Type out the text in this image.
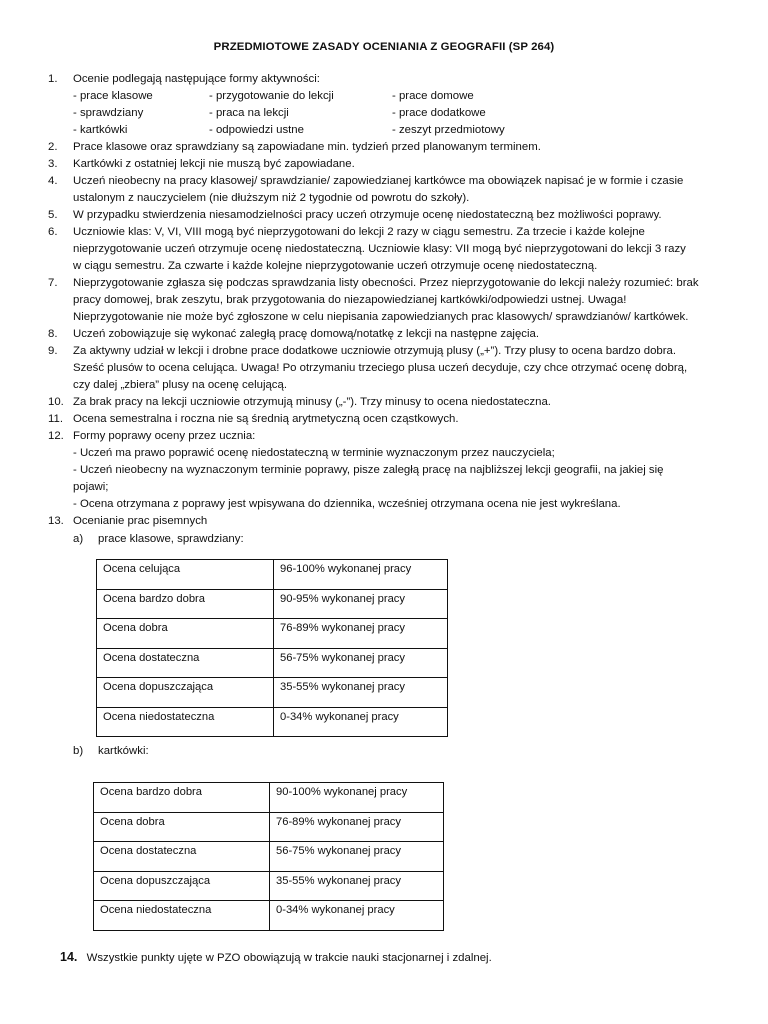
PRZEDMIOTOWE ZASADY OCENIANIA Z GEOGRAFII (SP 264)
1.	Ocenie podlegają następujące formy aktywności:
- prace klasowe	- przygotowanie do lekcji	- prace domowe
- sprawdziany	- praca na lekcji	- prace dodatkowe
- kartkówki	- odpowiedzi ustne	- zeszyt przedmiotowy
2.	Prace klasowe oraz sprawdziany są zapowiadane min. tydzień przed planowanym terminem.
3.	Kartkówki z ostatniej lekcji nie muszą być zapowiadane.
4.	Uczeń nieobecny na pracy klasowej/ sprawdzianie/ zapowiedzianej kartkówce ma obowiązek napisać je w formie i czasie
ustalonym z nauczycielem (nie dłuższym niż 2 tygodnie od powrotu do szkoły).
5.	W przypadku stwierdzenia niesamodzielności pracy uczeń otrzymuje ocenę niedostateczną bez możliwości poprawy.
6.	Uczniowie klas: V, VI, VIII mogą być nieprzygotowani do lekcji 2 razy w ciągu semestru. Za trzecie i każde kolejne
nieprzygotowanie uczeń otrzymuje ocenę niedostateczną. Uczniowie klasy: VII mogą być nieprzygotowani do lekcji 3 razy
w ciągu semestru. Za czwarte i każde kolejne nieprzygotowanie uczeń otrzymuje ocenę niedostateczną.
7.	Nieprzygotowanie zgłasza się podczas sprawdzania listy obecności. Przez nieprzygotowanie do lekcji należy rozumieć: brak
pracy domowej, brak zeszytu, brak przygotowania do niezapowiedzianej kartkówki/odpowiedzi ustnej. Uwaga!
Nieprzygotowanie nie może być zgłoszone w celu niepisania zapowiedzianych prac klasowych/ sprawdzianów/ kartkówek.
8.	Uczeń zobowiązuje się wykonać zaległą pracę domową/notatkę z lekcji na następne zajęcia.
9.	Za aktywny udział w lekcji i drobne prace dodatkowe uczniowie otrzymują plusy („+”). Trzy plusy to ocena bardzo dobra.
Sześć plusów to ocena celująca. Uwaga! Po otrzymaniu trzeciego plusa uczeń decyduje, czy chce otrzymać ocenę dobrą,
czy dalej „zbiera” plusy na ocenę celującą.
10. Za brak pracy na lekcji uczniowie otrzymują minusy („-”). Trzy minusy to ocena niedostateczna.
11. Ocena semestralna i roczna nie są średnią arytmetyczną ocen cząstkowych.
12. Formy poprawy oceny przez ucznia:
- Uczeń ma prawo poprawić ocenę niedostateczną w terminie wyznaczonym przez nauczyciela;
- Uczeń nieobecny na wyznaczonym terminie poprawy, pisze zaległą pracę na najbliższej lekcji geografii, na jakiej się
pojawi;
- Ocena otrzymana z poprawy jest wpisywana do dziennika, wcześniej otrzymana ocena nie jest wykreślana.
13. Ocenianie prac pisemnych
a) prace klasowe, sprawdziany:
Ocena celująca	96-100% wykonanej pracy
Ocena bardzo dobra	90-95% wykonanej pracy
Ocena dobra	76-89% wykonanej pracy
Ocena dostateczna	56-75% wykonanej pracy
Ocena dopuszczająca	35-55% wykonanej pracy
Ocena niedostateczna	0-34% wykonanej pracy
b) kartkówki:
Ocena bardzo dobra	90-100% wykonanej pracy
Ocena dobra	76-89% wykonanej pracy
Ocena dostateczna	56-75% wykonanej pracy
Ocena dopuszczająca	35-55% wykonanej pracy
Ocena niedostateczna	0-34% wykonanej pracy
14. Wszystkie punkty ujęte w PZO obowiązują w trakcie nauki stacjonarnej i zdalnej.
